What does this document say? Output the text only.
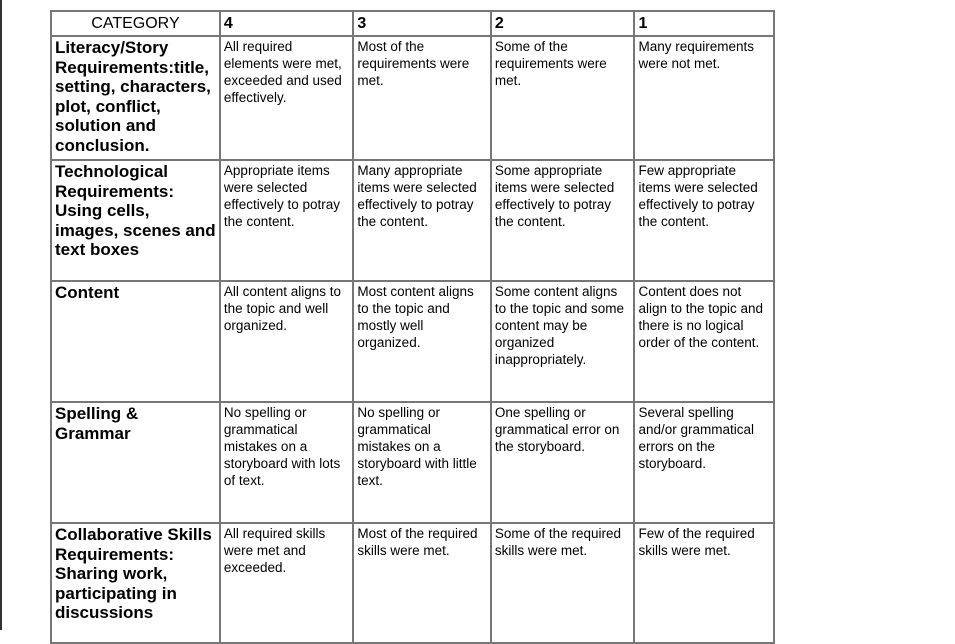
CATEGORY	4	3	2	1
Literacy/Story Requirements:title, setting, characters, plot, conflict, solution and conclusion.	All required elements were met, exceeded and used effectively.	Most of the requirements were met.	Some of the requirements were met.	Many requirements were not met.
Technological Requirements: Using cells, images, scenes and text boxes	Appropriate items were selected effectively to potray the content.	Many appropriate items were selected effectively to potray the content.	Some appropriate items were selected effectively to potray the content.	Few appropriate items were selected effectively to potray the content.
Content	All content aligns to the topic and well organized.	Most content aligns to the topic and mostly well organized.	Some content aligns to the topic and some content may be organized inappropriately.	Content does not align to the topic and there is no logical order of the content.
Spelling & Grammar	No spelling or grammatical mistakes on a storyboard with lots of text.	No spelling or grammatical mistakes on a storyboard with little text.	One spelling or grammatical error on the storyboard.	Several spelling and/or grammatical errors on the storyboard.
Collaborative Skills Requirements: Sharing work, participating in discussions	All required skills were met and exceeded.	Most of the required skills were met.	Some of the required skills were met.	Few of the required skills were met.
